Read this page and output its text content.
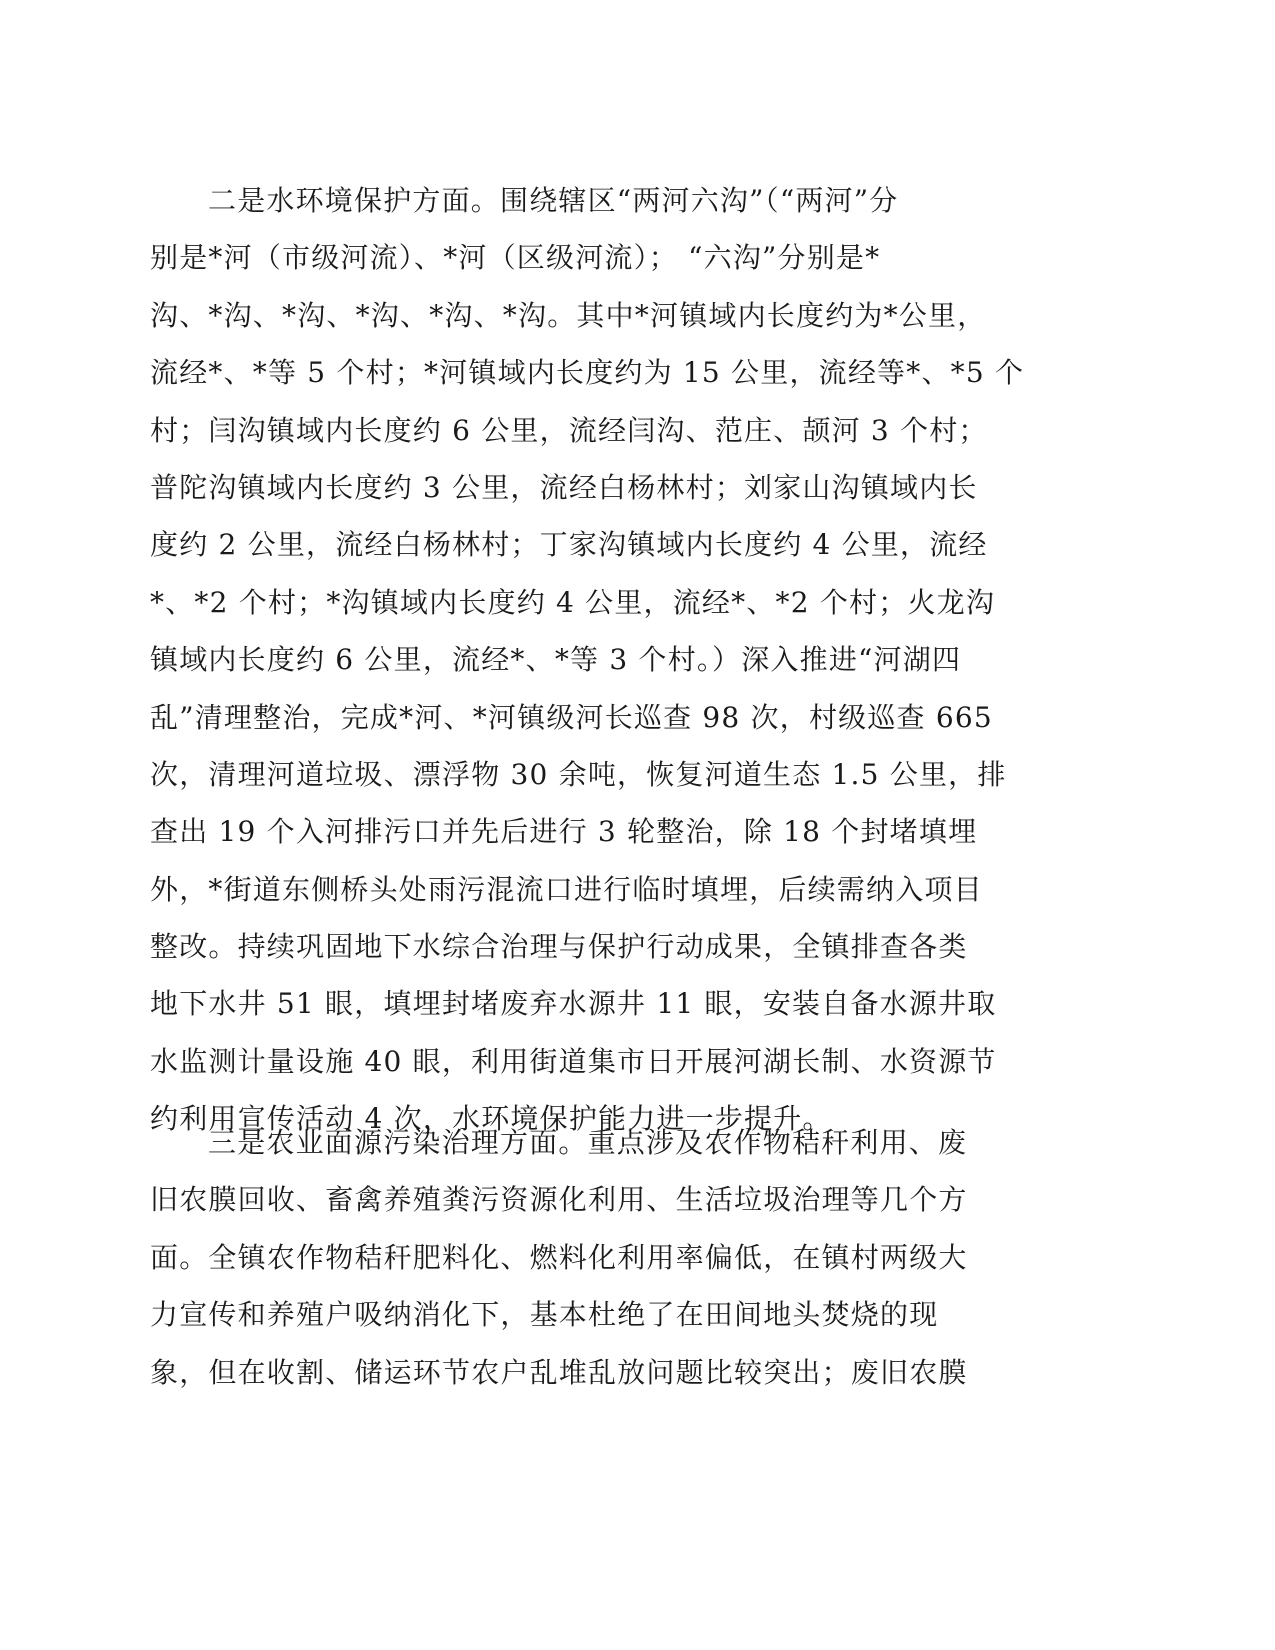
二是水环境保护方面。围绕辖区“两河六沟”（“两河”分
别是*河（市级河流）、*河（区级河流）； “六沟”分别是*
沟、*沟、*沟、*沟、*沟、*沟。其中*河镇域内长度约为*公里，
流经*、*等 5 个村；*河镇域内长度约为 15 公里，流经等*、*5 个
村；闫沟镇域内长度约 6 公里，流经闫沟、范庄、颉河 3 个村；
普陀沟镇域内长度约 3 公里，流经白杨林村；刘家山沟镇域内长
度约 2 公里，流经白杨林村；丁家沟镇域内长度约 4 公里，流经
*、*2 个村；*沟镇域内长度约 4 公里，流经*、*2 个村；火龙沟
镇域内长度约 6 公里，流经*、*等 3 个村。）深入推进“河湖四
乱”清理整治，完成*河、*河镇级河长巡查 98 次，村级巡查 665
次，清理河道垃圾、漂浮物 30 余吨，恢复河道生态 1.5 公里，排
查出 19 个入河排污口并先后进行 3 轮整治，除 18 个封堵填埋
外，*街道东侧桥头处雨污混流口进行临时填埋，后续需纳入项目
整改。持续巩固地下水综合治理与保护行动成果，全镇排查各类
地下水井 51 眼，填埋封堵废弃水源井 11 眼，安装自备水源井取
水监测计量设施 40 眼，利用街道集市日开展河湖长制、水资源节
约利用宣传活动 4 次，水环境保护能力进一步提升。
三是农业面源污染治理方面。重点涉及农作物秸秆利用、废
旧农膜回收、畜禽养殖粪污资源化利用、生活垃圾治理等几个方
面。全镇农作物秸秆肥料化、燃料化利用率偏低，在镇村两级大
力宣传和养殖户吸纳消化下，基本杜绝了在田间地头焚烧的现
象，但在收割、储运环节农户乱堆乱放问题比较突出；废旧农膜
